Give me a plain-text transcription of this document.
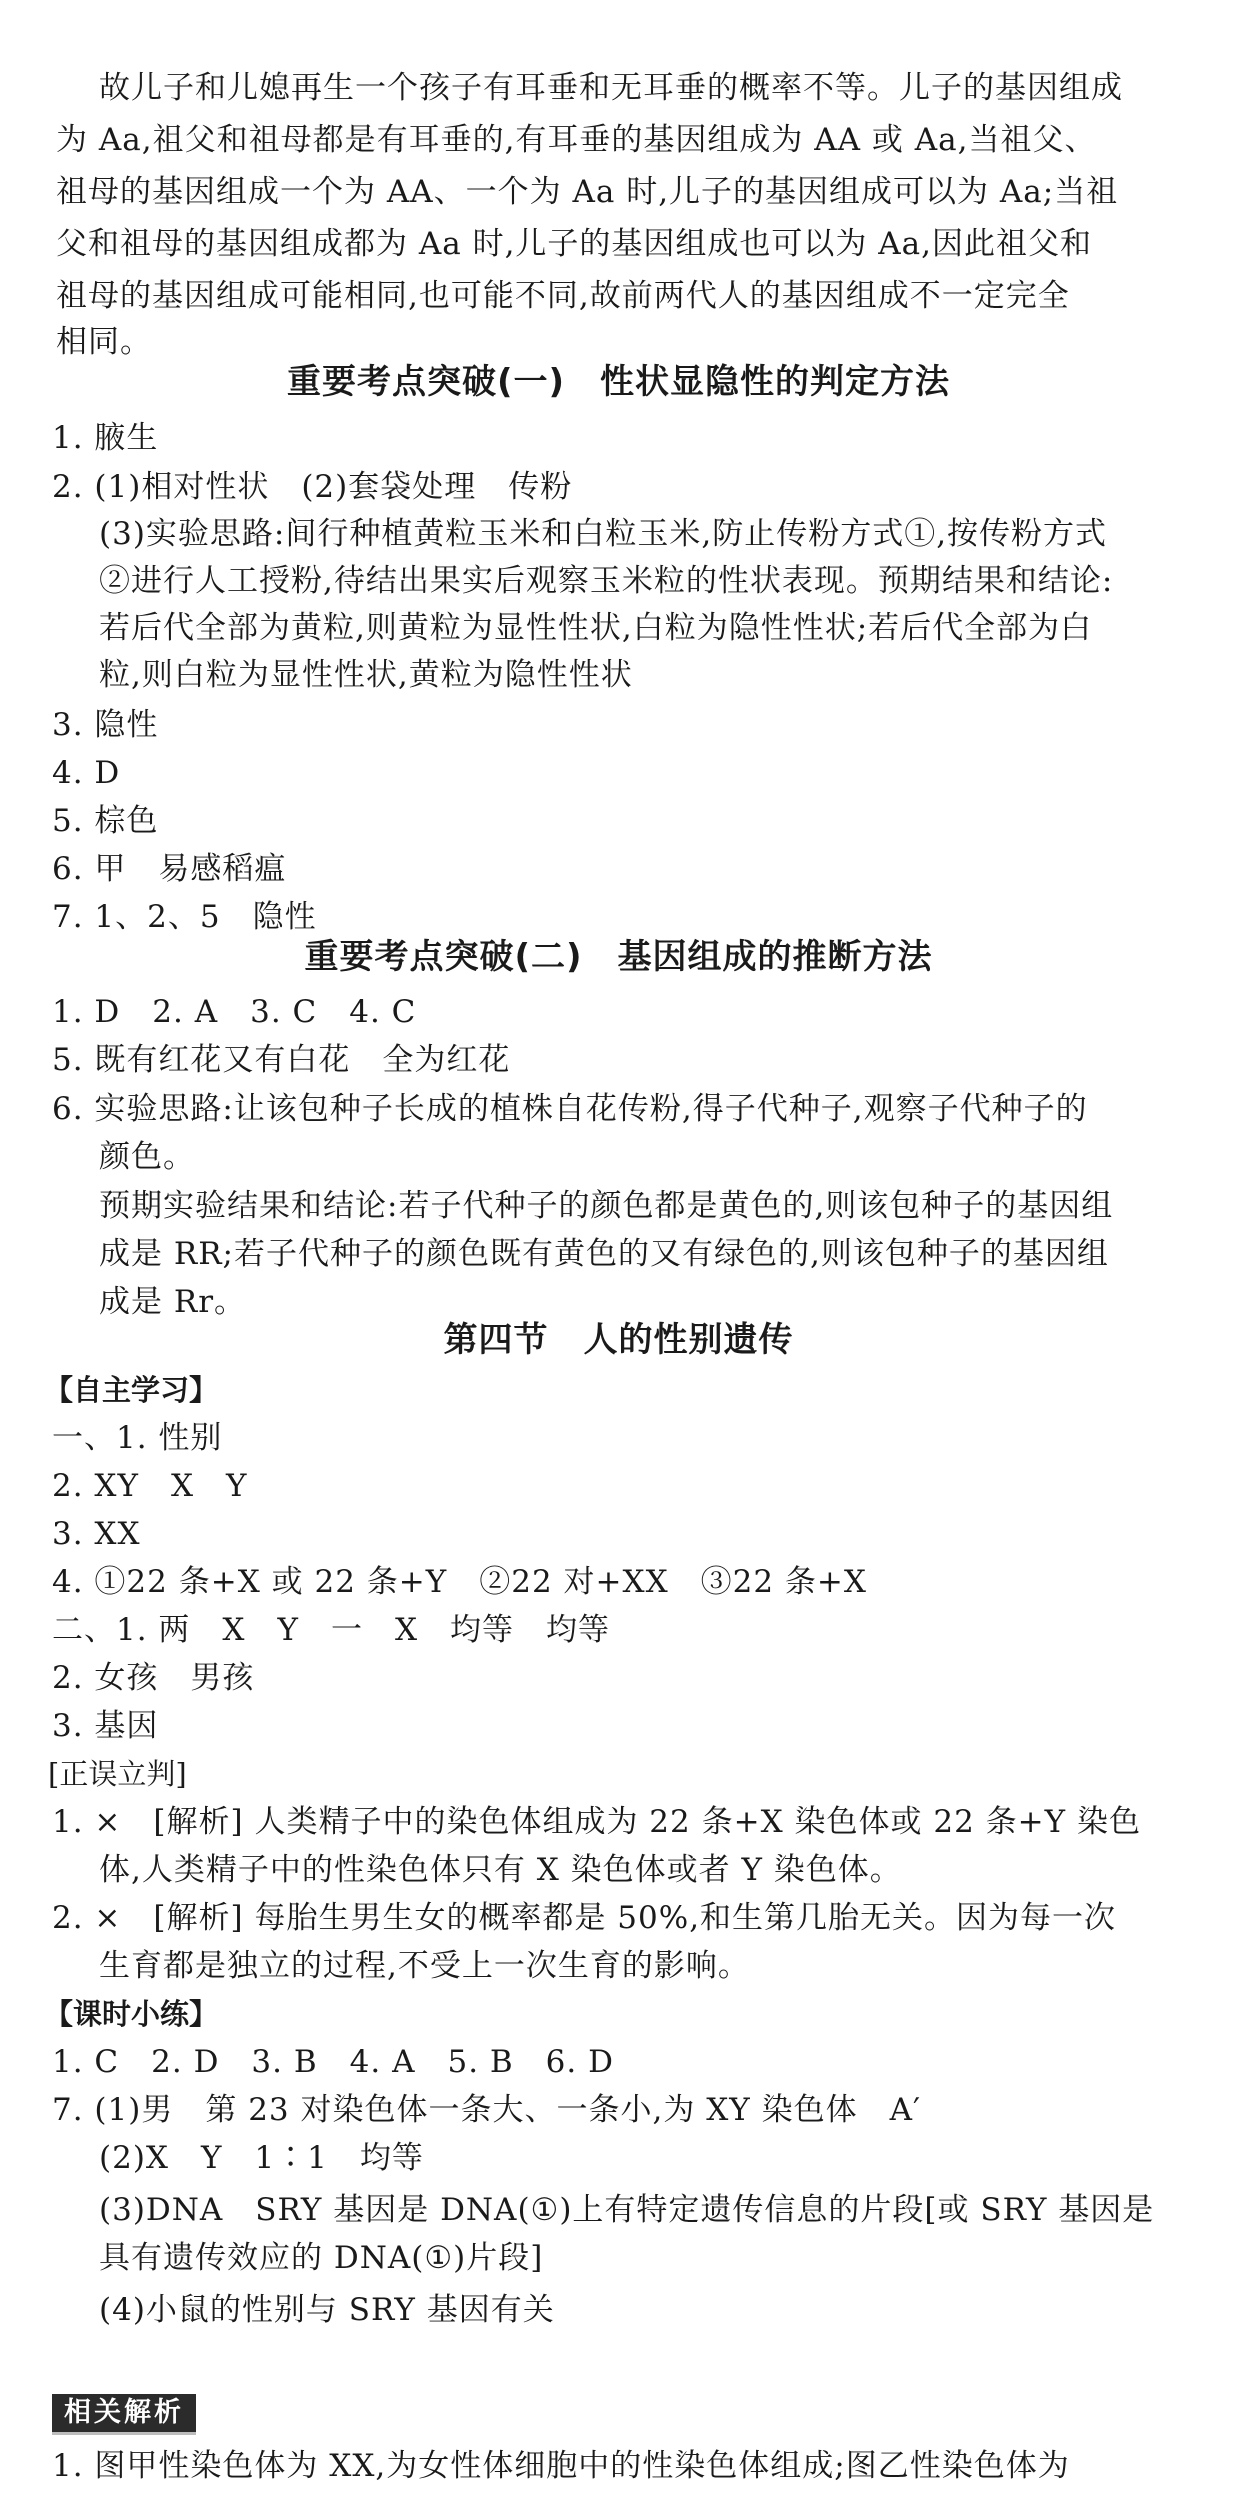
故儿子和儿媳再生一个孩子有耳垂和无耳垂的概率不等。儿子的基因组成
为 Aa,祖父和祖母都是有耳垂的,有耳垂的基因组成为 AA 或 Aa,当祖父、
祖母的基因组成一个为 AA、一个为 Aa 时,儿子的基因组成可以为 Aa;当祖
父和祖母的基因组成都为 Aa 时,儿子的基因组成也可以为 Aa,因此祖父和
祖母的基因组成可能相同,也可能不同,故前两代人的基因组成不一定完全
相同。
重要考点突破(一)　性状显隐性的判定方法
1. 腋生
2. (1)相对性状　(2)套袋处理　传粉
(3)实验思路:间行种植黄粒玉米和白粒玉米,防止传粉方式①,按传粉方式
②进行人工授粉,待结出果实后观察玉米粒的性状表现。预期结果和结论:
若后代全部为黄粒,则黄粒为显性性状,白粒为隐性性状;若后代全部为白
粒,则白粒为显性性状,黄粒为隐性性状
3. 隐性
4. D
5. 棕色
6. 甲　易感稻瘟
7. 1、2、5　隐性
重要考点突破(二)　基因组成的推断方法
1. D　2. A　3. C　4. C
5. 既有红花又有白花　全为红花
6. 实验思路:让该包种子长成的植株自花传粉,得子代种子,观察子代种子的
颜色。
预期实验结果和结论:若子代种子的颜色都是黄色的,则该包种子的基因组
成是 RR;若子代种子的颜色既有黄色的又有绿色的,则该包种子的基因组
成是 Rr。
第四节　人的性别遗传
【自主学习】
一、1. 性别
2. XY　X　Y
3. XX
4. ①22 条+X 或 22 条+Y　②22 对+XX　③22 条+X
二、1. 两　X　Y　一　X　均等　均等
2. 女孩　男孩
3. 基因
[正误立判]
1. ×　[解析] 人类精子中的染色体组成为 22 条+X 染色体或 22 条+Y 染色
体,人类精子中的性染色体只有 X 染色体或者 Y 染色体。
2. ×　[解析] 每胎生男生女的概率都是 50%,和生第几胎无关。因为每一次
生育都是独立的过程,不受上一次生育的影响。
【课时小练】
1. C　2. D　3. B　4. A　5. B　6. D
7. (1)男　第 23 对染色体一条大、一条小,为 XY 染色体　A′
(2)X　Y　1∶1　均等
(3)DNA　SRY 基因是 DNA(①)上有特定遗传信息的片段[或 SRY 基因是
具有遗传效应的 DNA(①)片段]
(4)小鼠的性别与 SRY 基因有关
相关解析
1. 图甲性染色体为 XX,为女性体细胞中的性染色体组成;图乙性染色体为
